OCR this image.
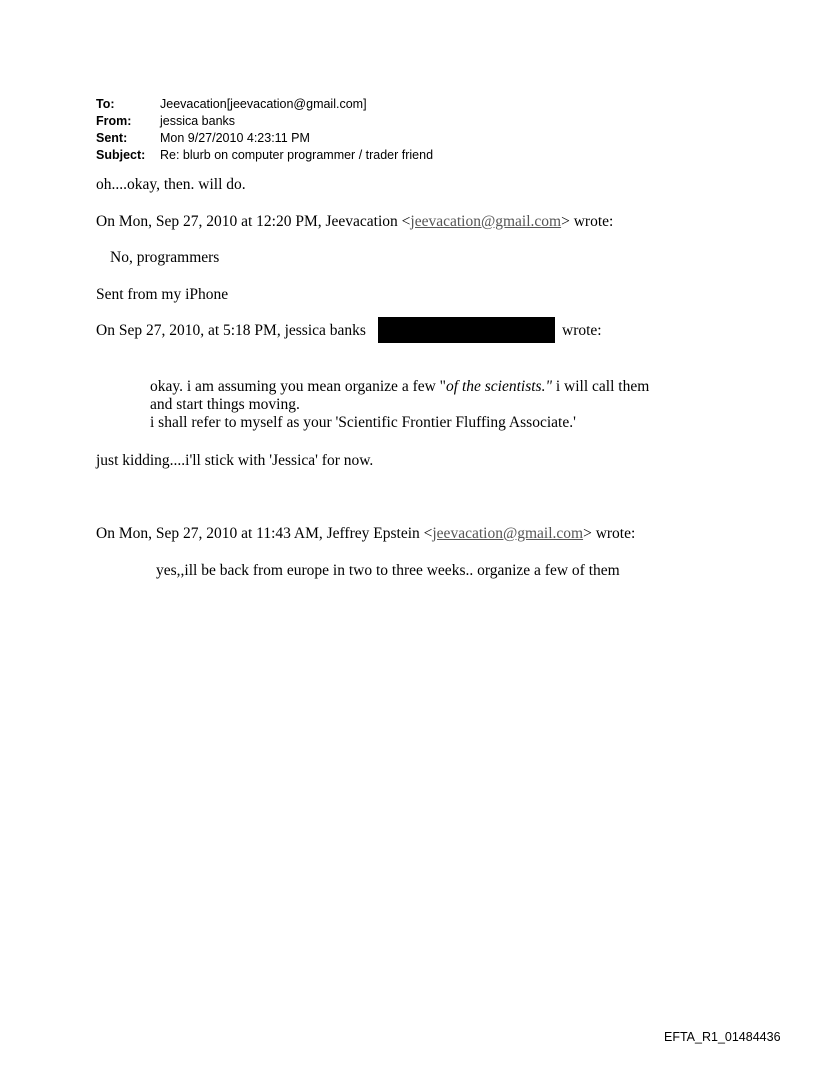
To:	Jeevacation[jeevacation@gmail.com]
From:	jessica banks
Sent:	Mon 9/27/2010 4:23:11 PM
Subject:	Re: blurb on computer programmer / trader friend
oh....okay, then. will do.
On Mon, Sep 27, 2010 at 12:20 PM, Jeevacation <jeevacation@gmail.com> wrote:
No, programmers
Sent from my iPhone
On Sep 27, 2010, at 5:18 PM, jessica banks	wrote:
okay. i am assuming you mean organize a few "of the scientists." i will call them
and start things moving.
i shall refer to myself as your 'Scientific Frontier Fluffing Associate.'
just kidding....i'll stick with 'Jessica' for now.
On Mon, Sep 27, 2010 at 11:43 AM, Jeffrey Epstein <jeevacation@gmail.com> wrote:
yes,,ill be back from europe in two to three weeks.. organize a few of them
EFTA_R1_01484436
